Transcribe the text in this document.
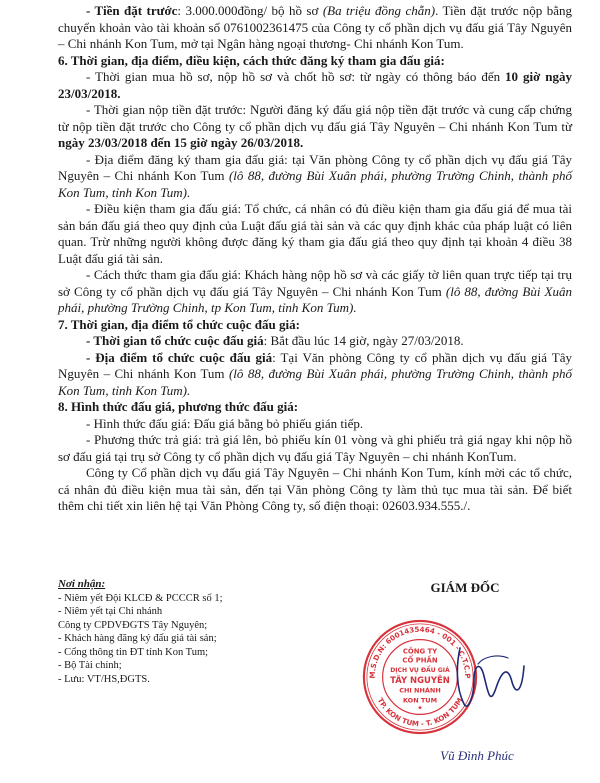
- Tiền đặt trước: 3.000.000đồng/ bộ hồ sơ (Ba triệu đồng chẵn). Tiền đặt trước nộp bằng chuyển khoản vào tài khoản số 0761002361475 của Công ty cổ phần dịch vụ đấu giá Tây Nguyên – Chi nhánh Kon Tum, mở tại Ngân hàng ngoại thương- Chi nhánh Kon Tum.

6. Thời gian, địa điểm, điều kiện, cách thức đăng ký tham gia đấu giá:

- Thời gian mua hồ sơ, nộp hồ sơ và chốt hồ sơ: từ ngày có thông báo đến 10 giờ ngày 23/03/2018.

- Thời gian nộp tiền đặt trước: Người đăng ký đấu giá nộp tiền đặt trước và cung cấp chứng từ nộp tiền đặt trước cho Công ty cổ phần dịch vụ đấu giá Tây Nguyên – Chi nhánh Kon Tum từ ngày 23/03/2018 đến 15 giờ ngày 26/03/2018.

- Địa điểm đăng ký tham gia đấu giá: tại Văn phòng Công ty cổ phần dịch vụ đấu giá Tây Nguyên – Chi nhánh Kon Tum (lô 88, đường Bùi Xuân phái, phường Trường Chinh, thành phố Kon Tum, tỉnh Kon Tum).

- Điều kiện tham gia đấu giá: Tổ chức, cá nhân có đủ điều kiện tham gia đấu giá để mua tài sản bán đấu giá theo quy định của Luật đấu giá tài sản và các quy định khác của pháp luật có liên quan. Trừ những người không được đăng ký tham gia đấu giá theo quy định tại khoản 4 điều 38 Luật đấu giá tài sản.

- Cách thức tham gia đấu giá: Khách hàng nộp hồ sơ và các giấy tờ liên quan trực tiếp tại trụ sở Công ty cổ phần dịch vụ đấu giá Tây Nguyên – Chi nhánh Kon Tum (lô 88, đường Bùi Xuân phái, phường Trường Chinh, tp Kon Tum, tỉnh Kon Tum).

7. Thời gian, địa điểm tổ chức cuộc đấu giá:

- Thời gian tổ chức cuộc đấu giá: Bắt đầu lúc 14 giờ, ngày 27/03/2018.

- Địa điểm tổ chức cuộc đấu giá: Tại Văn phòng Công ty cổ phần dịch vụ đấu giá Tây Nguyên – Chi nhánh Kon Tum (lô 88, đường Bùi Xuân phái, phường Trường Chinh, thành phố Kon Tum, tỉnh Kon Tum).

8. Hình thức đấu giá, phương thức đấu giá:

- Hình thức đấu giá: Đấu giá bằng bỏ phiếu gián tiếp.

- Phương thức trả giá: trả giá lên, bỏ phiếu kín 01 vòng và ghi phiếu trả giá ngay khi nộp hồ sơ đấu giá tại trụ sở Công ty cổ phần dịch vụ đấu giá Tây Nguyên – chi nhánh KonTum.

Công ty Cổ phần dịch vụ đấu giá Tây Nguyên – Chi nhánh Kon Tum, kính mời các tổ chức, cá nhân đủ điều kiện mua tài sản, đến tại Văn phòng Công ty làm thủ tục mua tài sản. Để biết thêm chi tiết xin liên hệ tại Văn Phòng Công ty, số điện thoại: 02603.934.555./.

Nơi nhận:

- Niêm yết Đội KLCĐ & PCCCR số 1;

- Niêm yết tại Chi nhánh

Công ty CPDVĐGTS Tây Nguyên;

- Khách hàng đăng ký đấu giá tài sản;

- Cổng thông tin ĐT tỉnh Kon Tum;

- Bộ Tài chính;

- Lưu: VT/HS,ĐGTS.

GIÁM ĐỐC
M.S.D.N: 6001435464 - 001 - C.T.C.P
TP. KON TUM - T. KON TUM
CÔNG TY
CỔ PHẦN
DỊCH VỤ ĐẤU GIÁ
TÂY NGUYÊN
CHI NHÁNH
KON TUM
★
Vũ Đình Phúc
